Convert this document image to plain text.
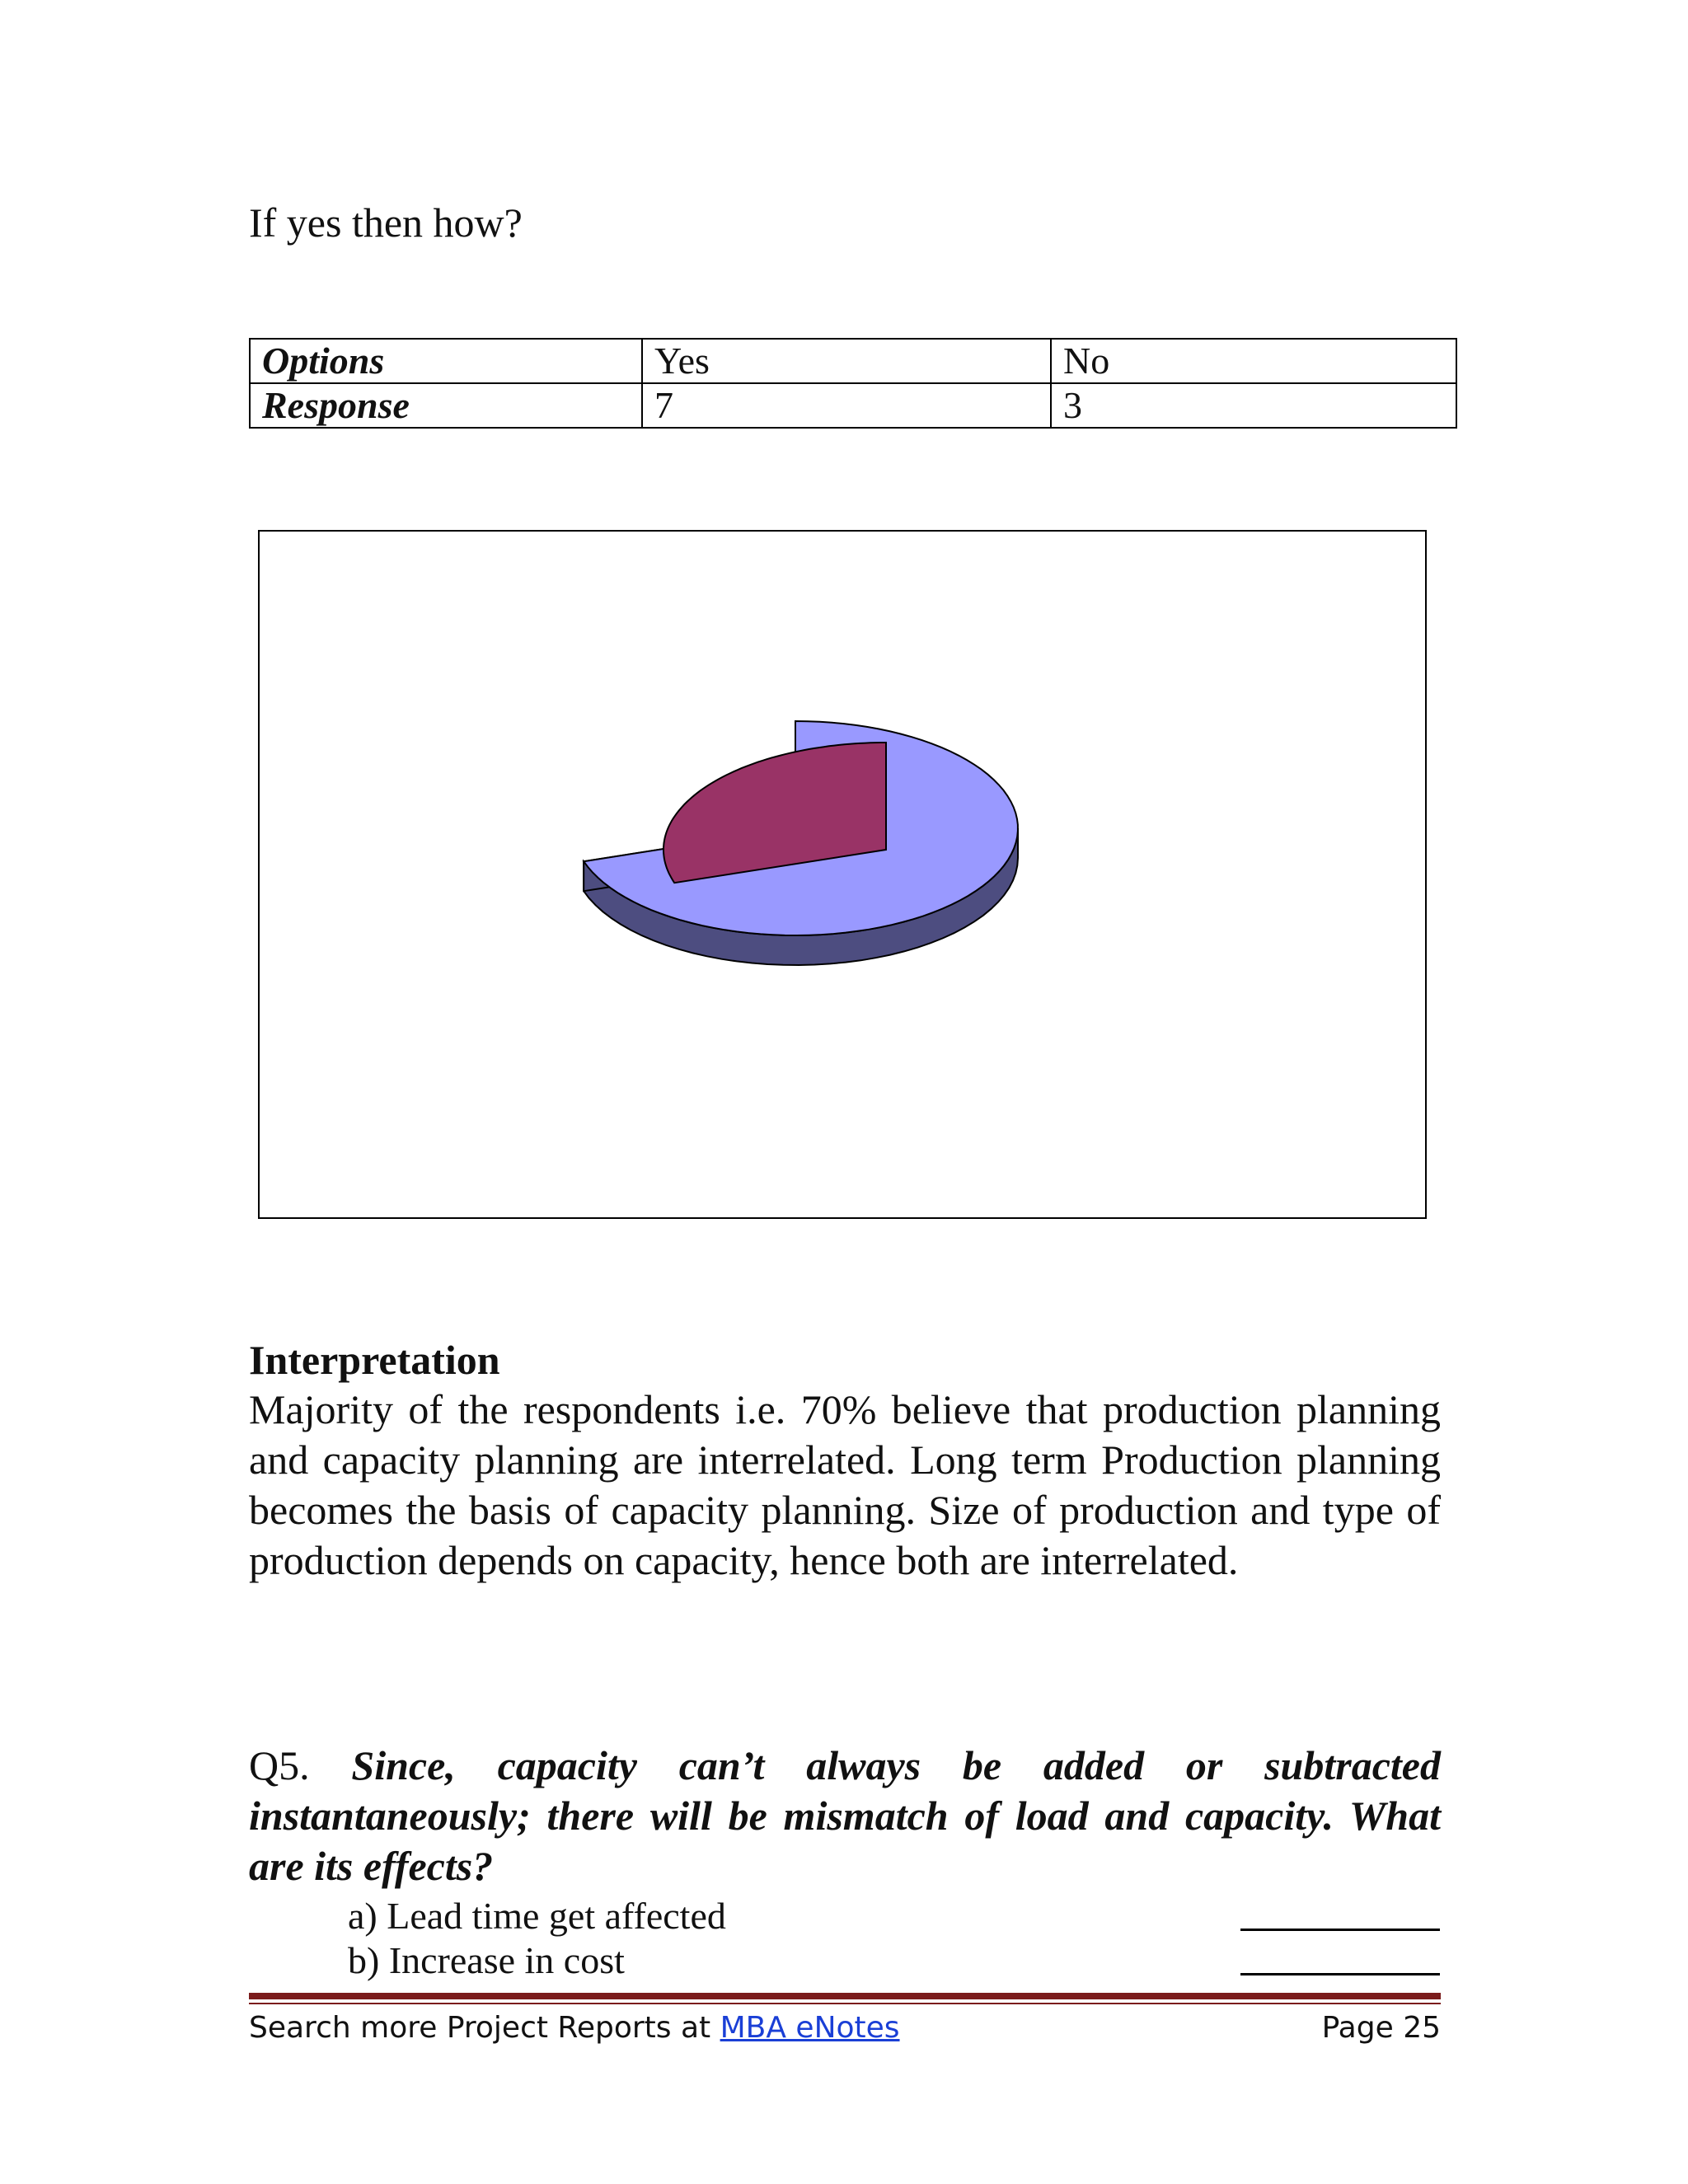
If yes then how?
Options	Yes	No
Response	7	3
Interpretation
Majority of the respondents i.e. 70% believe that production planning and capacity planning are interrelated. Long term Production planning becomes the basis of capacity planning. Size of production and type of production depends on capacity, hence both are interrelated.
Q5. Since, capacity can’t always be added or subtracted instantaneously; there will be mismatch of load and capacity. What are its effects?
a) Lead time get affected
b) Increase in cost
Search more Project Reports at MBA eNotes	Page 25
